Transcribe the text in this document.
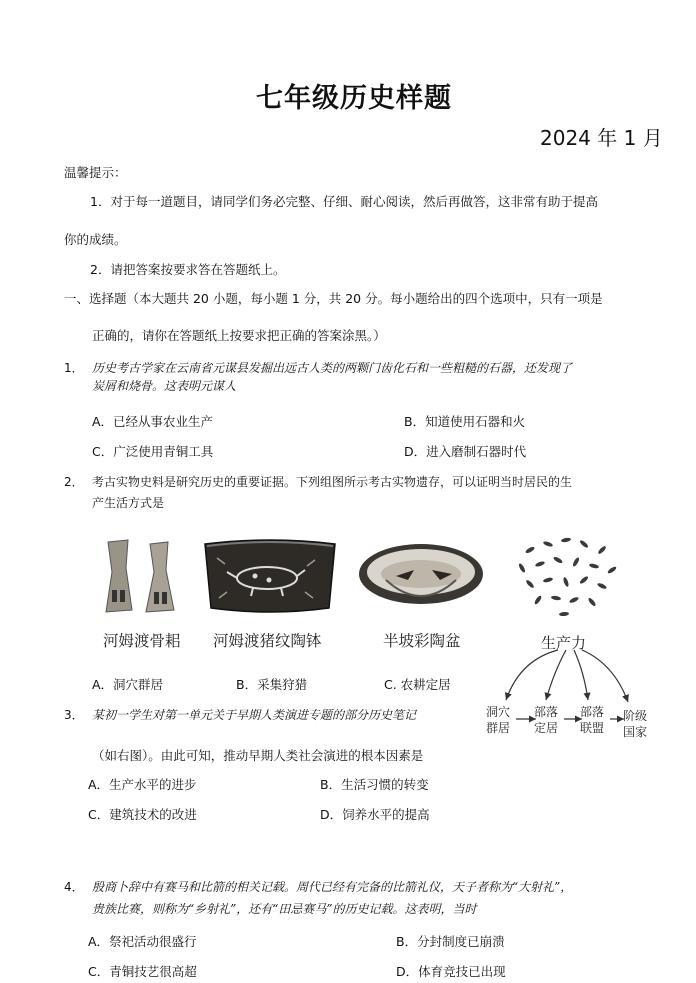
七年级历史样题
2024 年 1 月
温馨提示：
1．对于每一道题目，请同学们务必完整、仔细、耐心阅读，然后再做答，这非常有助于提高
你的成绩。
2．请把答案按要求答在答题纸上。
一、选择题（本大题共 20 小题，每小题 1 分，共 20 分。每小题给出的四个选项中，只有一项是
正确的，请你在答题纸上按要求把正确的答案涂黑。）
1． 历史考古学家在云南省元谋县发掘出远古人类的两颗门齿化石和一些粗糙的石器，还发现了
炭屑和烧骨。这表明元谋人
A．已经从事农业生产	B．知道使用石器和火
C．广泛使用青铜工具	D．进入磨制石器时代
2． 考古实物史料是研究历史的重要证据。下列组图所示考古实物遗存，可以证明当时居民的生
产生活方式是
河姆渡骨耜 河姆渡猪纹陶钵	半坡彩陶盆	生产力
洞穴
群居
部落
定居
部落
联盟
阶级
国家
A．洞穴群居	B．采集狩猎	C. 农耕定居
3． 某初一学生对第一单元关于早期人类演进专题的部分历史笔记
（如右图）。由此可知，推动早期人类社会演进的根本因素是
A．生产水平的进步	B．生活习惯的转变
C．建筑技术的改进	D．饲养水平的提高
4． 殷商卜辞中有赛马和比箭的相关记载。周代已经有完备的比箭礼仪，天子者称为“大射礼”，
贵族比赛，则称为“乡射礼”，还有“田忌赛马”的历史记载。这表明，当时
A．祭祀活动很盛行	B．分封制度已崩溃
C．青铜技艺很高超	D．体育竞技已出现
